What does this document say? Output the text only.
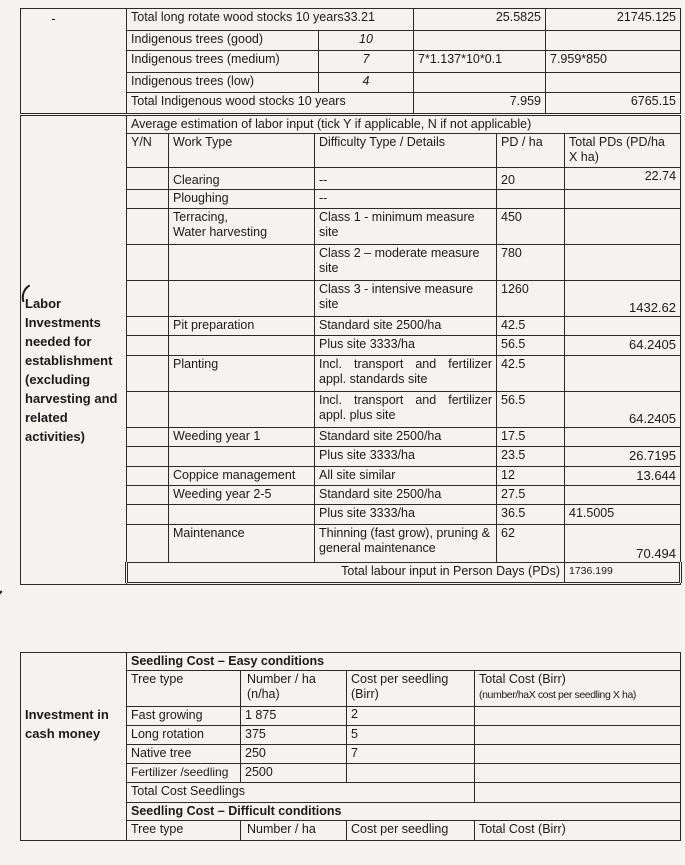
-	Total long rotate wood stocks 10 years33.21		25.5825	21745.125
	Indigenous trees (good)	10		
	Indigenous trees (medium)	7	7*1.137*10*0.1	7.959*850
	Indigenous trees (low)	4		
	Total Indigenous wood stocks 10 years		7.959	6765.15
Labor Investments needed for establishment (excluding harvesting and related activities)	Average estimation of labor input (tick Y if applicable, N if not applicable)				
	Y/N	Work Type	Difficulty Type / Details	PD / ha	Total PDs (PD/ha X ha)
		Clearing	--	20	22.74
		Ploughing	--		
		Terracing,                Water harvesting	Class 1 - minimum measure site	450	
			Class 2 – moderate measure site	780	
			Class 3 - intensive measure site	1260	1432.62
		Pit preparation	Standard site 2500/ha	42.5	
			Plus site 3333/ha	56.5	64.2405
		Planting	Incl. transport and fertilizer appl. standards site	42.5	
			Incl. transport and fertilizer appl. plus site	56.5	64.2405
		Weeding year 1	Standard site 2500/ha	17.5	
			Plus site 3333/ha	23.5	26.7195
		Coppice management	All site similar	12	13.644
		Weeding year 2-5	Standard site 2500/ha	27.5	
			Plus site 3333/ha	36.5	41.5005
		Maintenance	Thinning (fast grow), pruning & general maintenance	62	70.494
	Total labour input in Person Days (PDs)				1736.199

Investment in cash money	Seedling Cost – Easy conditions			
	Tree type	Number / ha (n/ha)	Cost per seedling (Birr)	Total Cost (Birr)
(number/haX cost per seedling X ha)
	Fast growing	1 875	2	
	Long rotation	375	5	
	Native tree	250	7	
	Fertilizer /seedling	2500		
	Total Cost Seedlings			
	Seedling Cost – Difficult conditions			
	Tree type	Number / ha	Cost per seedling	Total Cost (Birr)
